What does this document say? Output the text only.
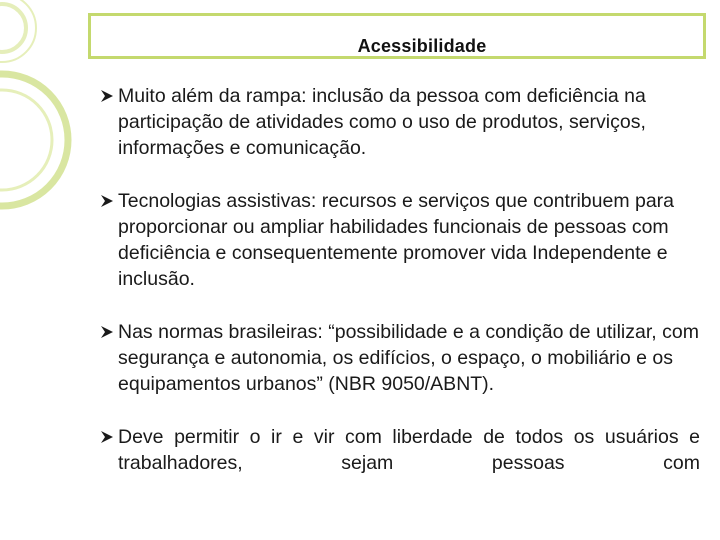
Acessibilidade
Muito além da rampa: inclusão da pessoa com deficiência na participação de atividades como o uso de produtos, serviços, informações e comunicação.
Tecnologias assistivas: recursos e serviços que contribuem para proporcionar ou ampliar habilidades funcionais de pessoas com deficiência e consequentemente promover vida Independente e inclusão.
Nas normas brasileiras: “possibilidade e a condição de utilizar, com segurança e autonomia, os edifícios, o espaço, o mobiliário e os equipamentos urbanos” (NBR 9050/ABNT).
Deve permitir o ir e vir com liberdade de todos os usuários e trabalhadores, sejam pessoas com
